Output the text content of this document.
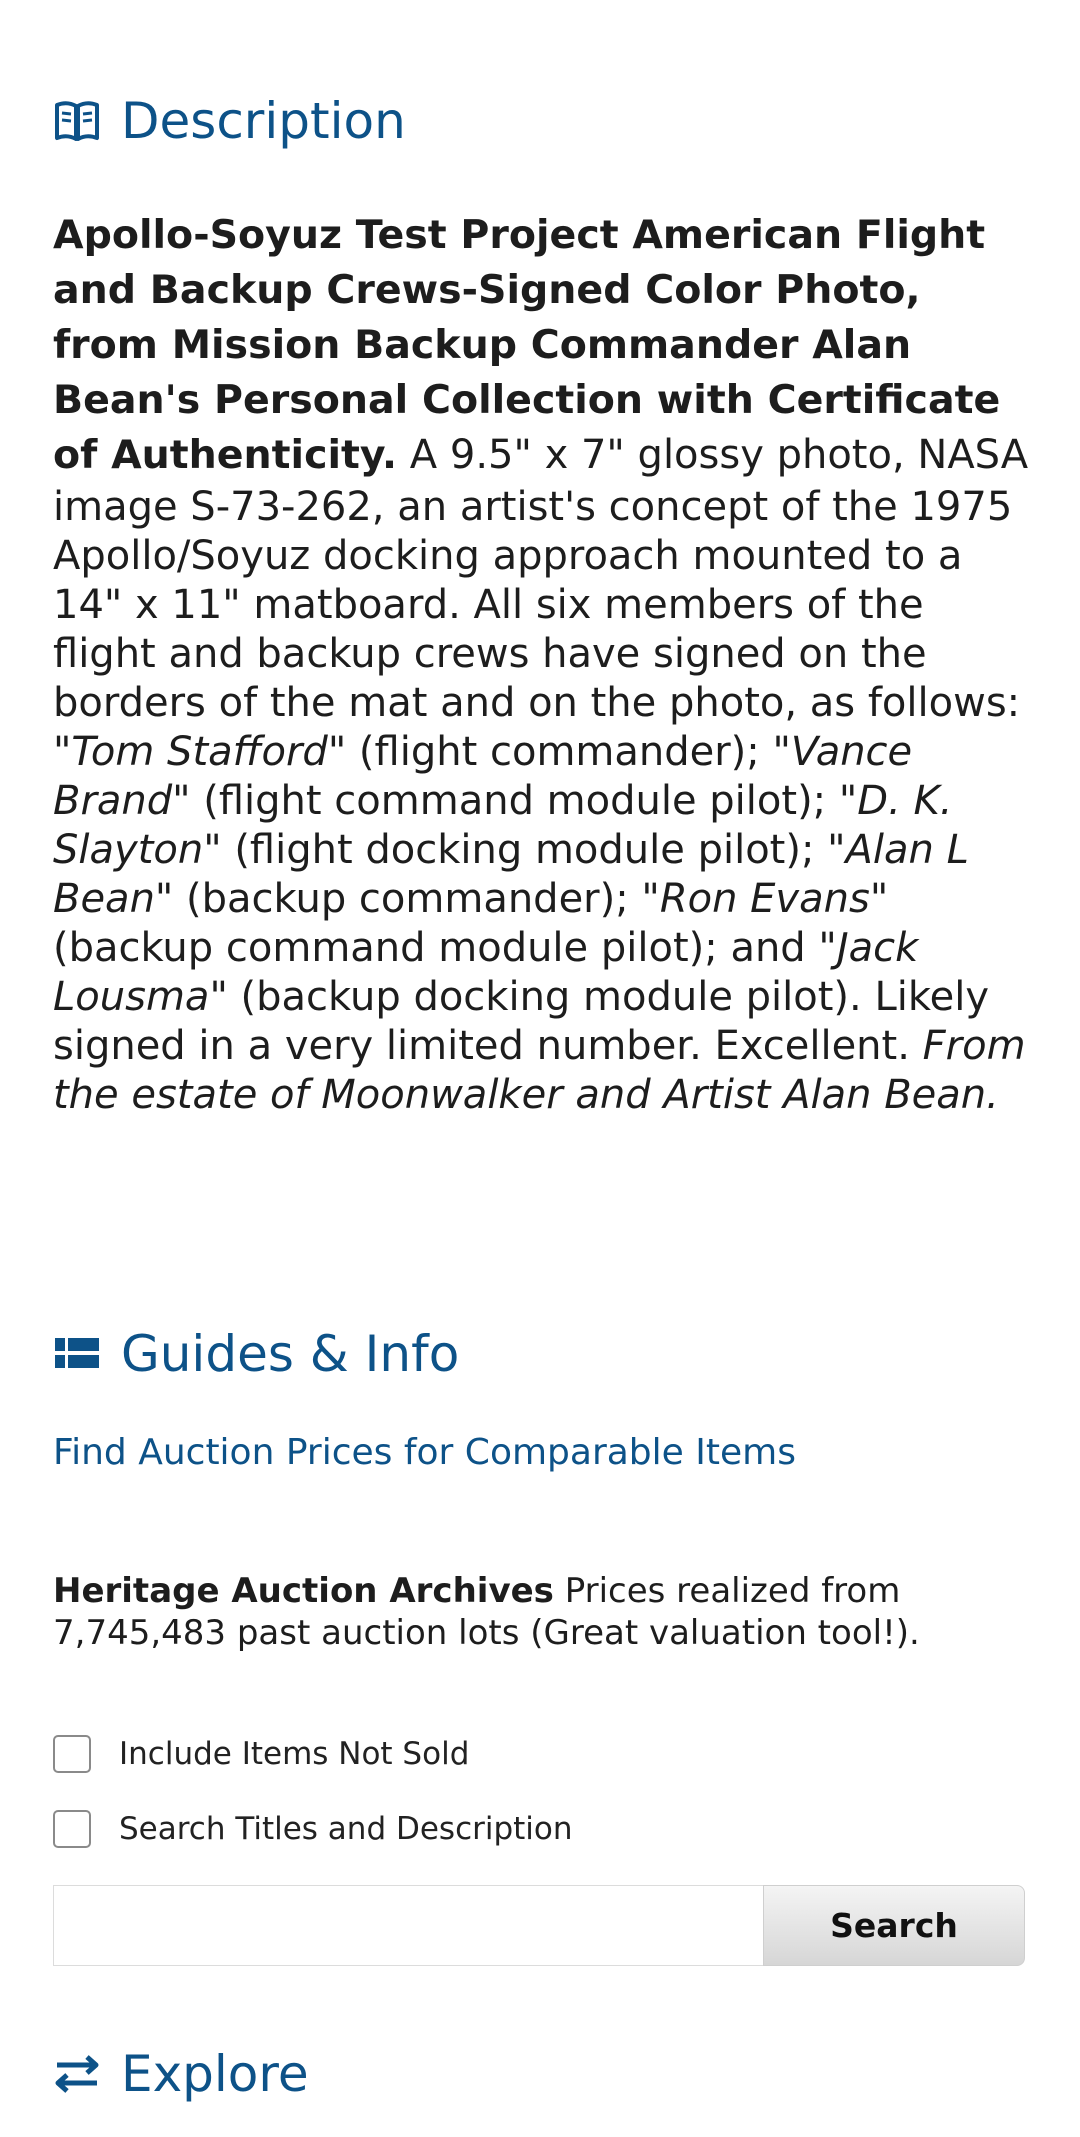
Description
Apollo-Soyuz Test Project American Flight and Backup Crews-Signed Color Photo, from Mission Backup Commander Alan Bean's Personal Collection with Certificate of Authenticity. A 9.5" x 7" glossy photo, NASA image S-73-262, an artist's concept of the 1975 Apollo/Soyuz docking approach mounted to a 14" x 11" matboard. All six members of the flight and backup crews have signed on the borders of the mat and on the photo, as follows: "Tom Stafford" (flight commander); "Vance Brand" (flight command module pilot); "D. K. Slayton" (flight docking module pilot); "Alan L Bean" (backup commander); "Ron Evans" (backup command module pilot); and "Jack Lousma" (backup docking module pilot). Likely signed in a very limited number. Excellent. From the estate of Moonwalker and Artist Alan Bean.
Guides & Info
Find Auction Prices for Comparable Items
Heritage Auction Archives Prices realized from 7,745,483 past auction lots (Great valuation tool!).
Include Items Not Sold
Search Titles and Description
Search
Explore
